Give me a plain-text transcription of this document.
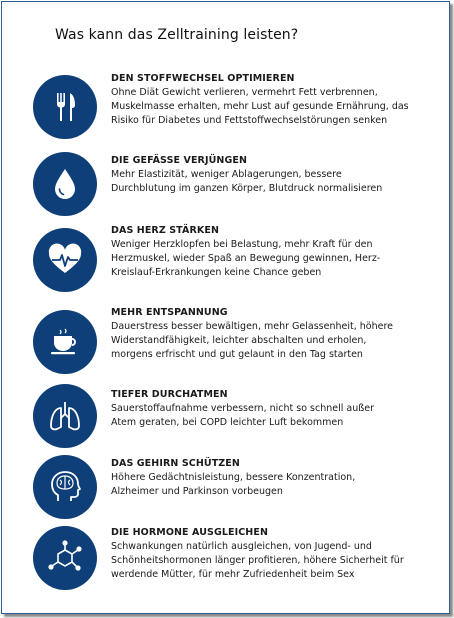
Was kann das Zelltraining leisten?
DEN STOFFWECHSEL OPTIMIEREN
Ohne Diät Gewicht verlieren, vermehrt Fett verbrennen,
Muskelmasse erhalten, mehr Lust auf gesunde Ernährung, das
Risiko für Diabetes und Fettstoffwechselstörungen senken
DIE GEFÄSSE VERJÜNGEN
Mehr Elastizität, weniger Ablagerungen, bessere
Durchblutung im ganzen Körper, Blutdruck normalisieren
DAS HERZ STÄRKEN
Weniger Herzklopfen bei Belastung, mehr Kraft für den
Herzmuskel, wieder Spaß an Bewegung gewinnen, Herz-
Kreislauf-Erkrankungen keine Chance geben
MEHR ENTSPANNUNG
Dauerstress besser bewältigen, mehr Gelassenheit, höhere
Widerstandfähigkeit, leichter abschalten und erholen,
morgens erfrischt und gut gelaunt in den Tag starten
TIEFER DURCHATMEN
Sauerstoffaufnahme verbessern, nicht so schnell außer
Atem geraten, bei COPD leichter Luft bekommen
DAS GEHIRN SCHÜTZEN
Höhere Gedächtnisleistung, bessere Konzentration,
Alzheimer und Parkinson vorbeugen
DIE HORMONE AUSGLEICHEN
Schwankungen natürlich ausgleichen, von Jugend- und
Schönheitshormonen länger profitieren, höhere Sicherheit für
werdende Mütter, für mehr Zufriedenheit beim Sex
